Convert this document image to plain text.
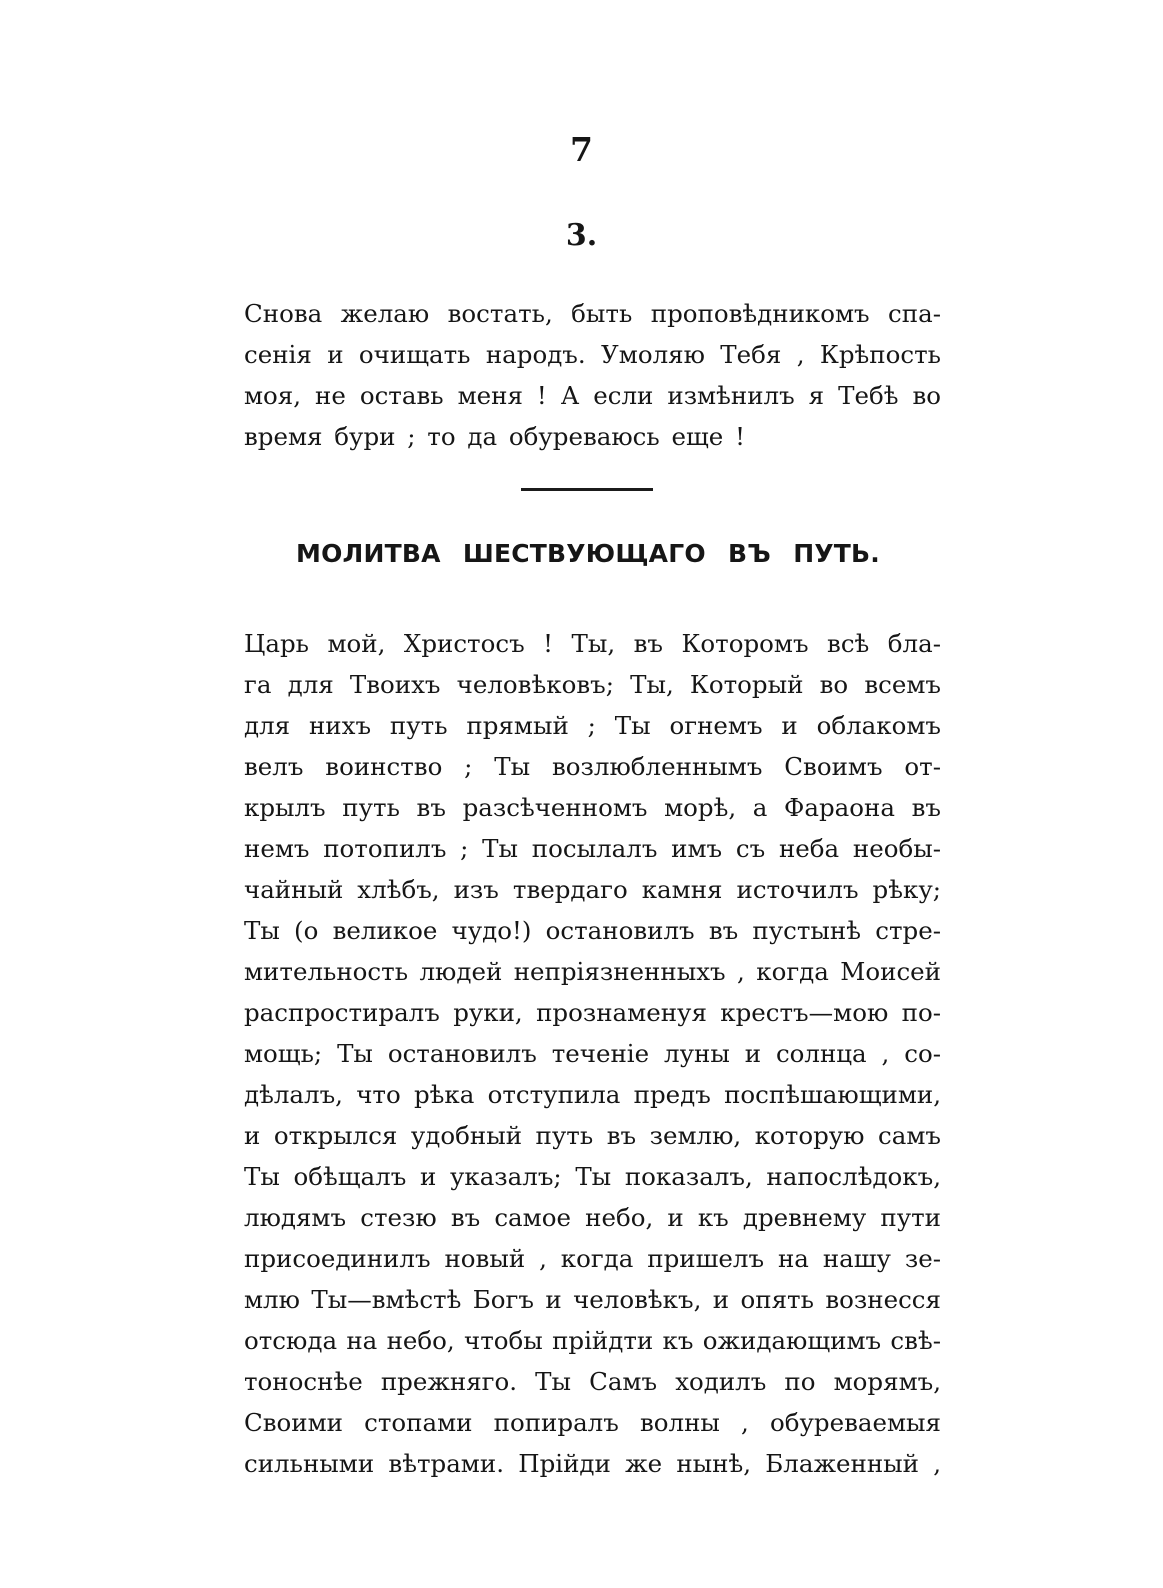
7
3.
Снова желаю востать, быть проповѣдникомъ спа-
сенія и очищать народъ. Умоляю Тебя , Крѣпость
моя, не оставь меня ! А если измѣнилъ я Тебѣ во
время бури ; то да обуреваюсь еще !
МОЛИТВА ШЕСТВУЮЩАГО ВЪ ПУТЬ.
Царь мой, Христосъ ! Ты, въ Которомъ всѣ бла-
га для Твоихъ человѣковъ; Ты, Который во всемъ
для нихъ путь прямый ; Ты огнемъ и облакомъ
велъ воинство ; Ты возлюбленнымъ Своимъ от-
крылъ путь въ разсѣченномъ морѣ, а Фараона въ
немъ потопилъ ; Ты посылалъ имъ съ неба необы-
чайный хлѣбъ, изъ твердаго камня источилъ рѣку;
Ты (о великое чудо!) остановилъ въ пустынѣ стре-
мительность людей непріязненныхъ , когда Моисей
распростиралъ руки, прознаменуя крестъ—мою по-
мощь; Ты остановилъ теченіе луны и солнца , со-
дѣлалъ, что рѣка отступила предъ поспѣшающими,
и открылся удобный путь въ землю, которую самъ
Ты обѣщалъ и указалъ; Ты показалъ, напослѣдокъ,
людямъ стезю въ самое небо, и къ древнему пути
присоединилъ новый , когда пришелъ на нашу зе-
млю Ты—вмѣстѣ Богъ и человѣкъ, и опять вознесся
отсюда на небо, чтобы прійдти къ ожидающимъ свѣ-
тоноснѣе прежняго. Ты Самъ ходилъ по морямъ,
Своими стопами попиралъ волны , обуреваемыя
сильными вѣтрами. Прійди же нынѣ, Блаженный ,
